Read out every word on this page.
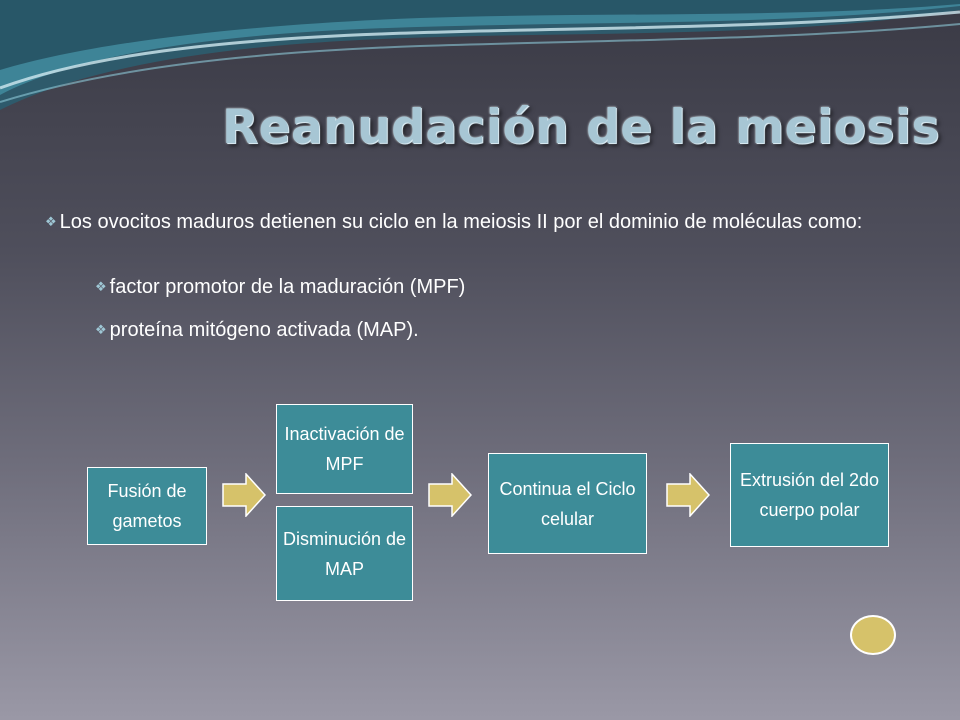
Reanudación de la meiosis
❖ Los ovocitos maduros detienen su ciclo en la meiosis II por el dominio de moléculas como:
❖ factor promotor de la maduración (MPF)
❖ proteína mitógeno activada (MAP).
Fusión de gametos
Inactivación de MPF
Disminución de MAP
Continua el Ciclo celular
Extrusión del 2do cuerpo polar
